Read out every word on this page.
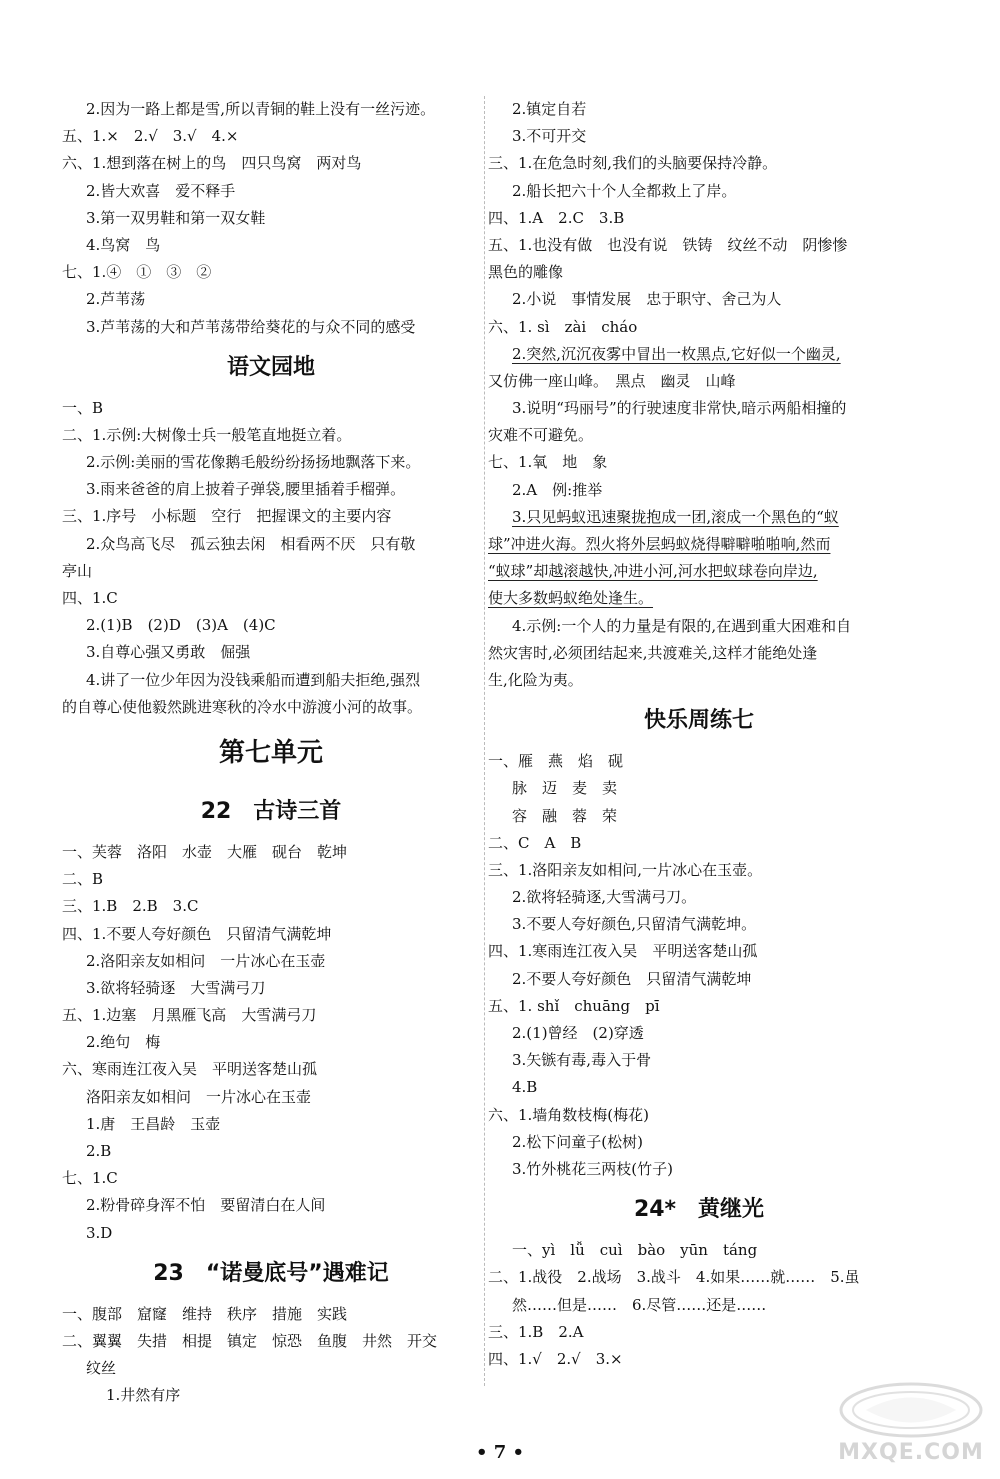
2.因为一路上都是雪,所以青铜的鞋上没有一丝污迹。
五、1.×　2.√　3.√　4.×
六、1.想到落在树上的鸟　四只鸟窝　两对鸟
2.皆大欢喜　爱不释手
3.第一双男鞋和第一双女鞋
4.鸟窝　鸟
七、1.④　①　③　②
2.芦苇荡
3.芦苇荡的大和芦苇荡带给葵花的与众不同的感受
语文园地
一、B
二、1.示例:大树像士兵一般笔直地挺立着。
2.示例:美丽的雪花像鹅毛般纷纷扬扬地飘落下来。
3.雨来爸爸的肩上披着子弹袋,腰里插着手榴弹。
三、1.序号　小标题　空行　把握课文的主要内容
2.众鸟高飞尽　孤云独去闲　相看两不厌　只有敬
亭山
四、1.C
2.(1)B　(2)D　(3)A　(4)C
3.自尊心强又勇敢　倔强
4.讲了一位少年因为没钱乘船而遭到船夫拒绝,强烈
的自尊心使他毅然跳进寒秋的冷水中游渡小河的故事。
第七单元
22　古诗三首
一、芙蓉　洛阳　水壶　大雁　砚台　乾坤
二、B
三、1.B　2.B　3.C
四、1.不要人夸好颜色　只留清气满乾坤
2.洛阳亲友如相问　一片冰心在玉壶
3.欲将轻骑逐　大雪满弓刀
五、1.边塞　月黑雁飞高　大雪满弓刀
2.绝句　梅
六、寒雨连江夜入吴　平明送客楚山孤
洛阳亲友如相问　一片冰心在玉壶
1.唐　王昌龄　玉壶
2.B
七、1.C
2.粉骨碎身浑不怕　要留清白在人间
3.D
23　“诺曼底号”遇难记
一、腹部　窟窿　维持　秩序　措施　实践
二、翼翼　失措　相提　镇定　惊恐　鱼腹　井然　开交
纹丝
1.井然有序
2.镇定自若
3.不可开交
三、1.在危急时刻,我们的头脑要保持冷静。
2.船长把六十个人全都救上了岸。
四、1.A　2.C　3.B
五、1.也没有做　也没有说　铁铸　纹丝不动　阴惨惨
黑色的雕像
2.小说　事情发展　忠于职守、舍己为人
六、1. sì　zài　cháo
2.突然,沉沉夜雾中冒出一枚黑点,它好似一个幽灵,
又仿佛一座山峰。　黑点　幽灵　山峰
3.说明“玛丽号”的行驶速度非常快,暗示两船相撞的
灾难不可避免。
七、1.氧　地　象
2.A　例:推举
3.只见蚂蚁迅速聚拢抱成一团,滚成一个黑色的“蚁
球”冲进火海。烈火将外层蚂蚁烧得噼噼啪啪响,然而
“蚁球”却越滚越快,冲进小河,河水把蚁球卷向岸边,
使大多数蚂蚁绝处逢生。
4.示例:一个人的力量是有限的,在遇到重大困难和自
然灾害时,必须团结起来,共渡难关,这样才能绝处逢
生,化险为夷。
快乐周练七
一、雁　燕　焰　砚
脉　迈　麦　卖
容　融　蓉　荣
二、C　A　B
三、1.洛阳亲友如相问,一片冰心在玉壶。
2.欲将轻骑逐,大雪满弓刀。
3.不要人夸好颜色,只留清气满乾坤。
四、1.寒雨连江夜入吴　平明送客楚山孤
2.不要人夸好颜色　只留清气满乾坤
五、1. shǐ　chuāng　pī
2.(1)曾经　(2)穿透
3.矢镞有毒,毒入于骨
4.B
六、1.墙角数枝梅(梅花)
2.松下问童子(松树)
3.竹外桃花三两枝(竹子)
24*　黄继光
一、yì　lǚ　cuì　bào　yūn　táng
二、1.战役　2.战场　3.战斗　4.如果……就……　5.虽
然……但是……　6.尽管……还是……
三、1.B　2.A
四、1.√　2.√　3.×
• 7 •	MXQE.COM
